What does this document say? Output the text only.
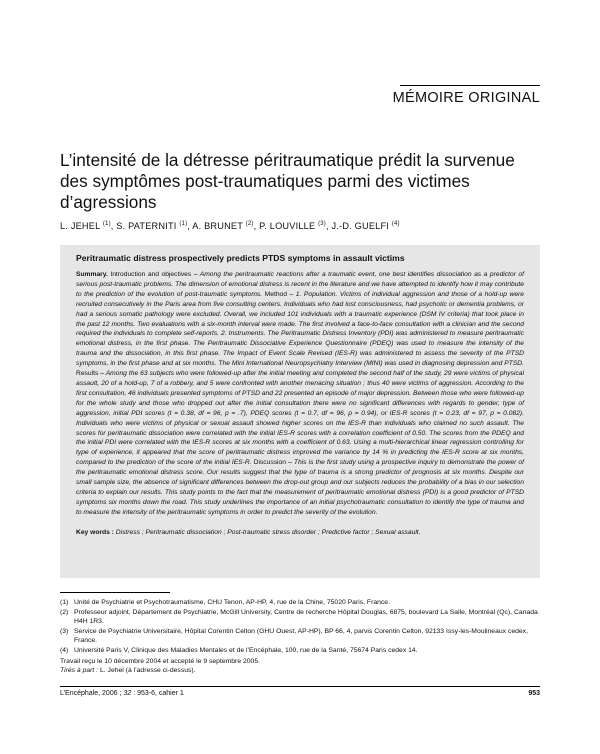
MÉMOIRE ORIGINAL
L’intensité de la détresse péritraumatique prédit la survenue des symptômes post-traumatiques parmi des victimes d’agressions
L. JEHEL $^{(1)}$, S. PATERNITI $^{(1)}$, A. BRUNET $^{(2)}$, P. LOUVILLE $^{(3)}$, J.-D. GUELFI $^{(4)}$
Peritraumatic distress prospectively predicts PTDS symptoms in assault victims

Summary. Introduction and objectives – Among the peritraumatic reactions after a traumatic event, one best identifies dissociation as a predictor of serious post-traumatic problems. The dimension of emotional distress is recent in the literature and we have attempted to identify how it may contribute to the prediction of the evolution of post-traumatic symptoms. Method – 1. Population. Victims of individual aggression and those of a hold-up were recruited consecutively in the Paris area from five consulting centers. Individuals who had lost consciousness, had psychotic or dementia problems, or had a serious somatic pathology were excluded. Overall, we included 101 individuals with a traumatic experience (DSM IV criteria) that took place in the past 12 months. Two evaluations with a six-month interval were made. The first involved a face-to-face consultation with a clinician and the second required the individuals to complete self-reports. 2. Instruments. The Peritraumatic Distress Inventory (PDI) was administered to measure peritraumatic emotional distress, in the first phase. The Peritraumatic Dissociative Experience Questionnaire (PDEQ) was used to measure the intensity of the trauma and the dissociation, in this first phase. The Impact of Event Scale Revised (IES-R) was administered to assess the severity of the PTSD symptoms, in the first phase and at six months. The Mini International Neuropsychiatry Interview (MINI) was used in diagnosing depression and PTSD. Results – Among the 63 subjects who were followed-up after the initial meeting and completed the second half of the study, 29 were victims of physical assault, 20 of a hold-up, 7 of a robbery, and 5 were confronted with another menacing situation ; thus 40 were victims of aggression. According to the first consultation, 46 individuals presented symptoms of PTSD and 22 presented an episode of major depression. Between those who were followed-up for the whole study and those who dropped out after the initial consultation there were no significant differences with regards to gender, type of aggression, initial PDI scores (t = 0.38, df = 96, p = .7), PDEQ scores (t = 0.7, df = 96, p = 0.94), or IES-R scores (t = 0.23, df = 97, p = 0.082). Individuals who were victims of physical or sexual assault showed higher scores on the IES-R than individuals who claimed no such assault. The scores for peritraumatic dissociation were correlated with the initial IES-R scores with a correlation coefficient of 0.50. The scores from the PDEQ and the initial PDI were correlated with the IES-R scores at six months with a coefficient of 0.63. Using a multi-hierarchical linear regression controlling for type of experience, it appeared that the score of peritraumatic distress improved the variance by 14 % in predicting the IES-R score at six months, compared to the prediction of the score of the initial IES-R. Discussion – This is the first study using a prospective inquiry to demonstrate the power of the peritraumatic emotional distress score. Our results suggest that the type of trauma is a strong predictor of prognosis at six months. Despite our small sample size, the absence of significant differences between the drop-out group and our subjects reduces the probability of a bias in our selection criteria to explain our results. This study points to the fact that the measurement of peritraumatic emotional distress (PDI) is a good predictor of PTSD symptoms six months down the road. This study underlines the importance of an initial psychotraumatic consultation to identify the type of trauma and to measure the intensity of the peritraumatic symptoms in order to predict the severity of the evolution.

Key words : Distress ; Peritraumatic dissociation ; Post-traumatic stress disorder ; Predictive factor ; Sexual assault.
(1) Unité de Psychiatrie et Psychotraumatisme, CHU Tenon, AP-HP, 4, rue de la Chine, 75020 Paris, France.
(2) Professeur adjoint, Département de Psychiatrie, McGill University, Centre de recherche Hôpital Douglas, 6875, boulevard La Salle, Montréal (Qc), Canada H4H 1R3.
(3) Service de Psychiatrie Universitaire, Hôpital Corentin Celton (GHU Ouest, AP-HP), BP 66, 4, parvis Corentin Celton, 92133 Issy-les-Moulineaux cedex, France.
(4) Université Paris V, Clinique des Maladies Mentales et de l’Encéphale, 100, rue de la Santé, 75674 Paris cedex 14.
Travail reçu le 10 décembre 2004 et accepté le 9 septembre 2005.
Tirés à part : L. Jehel (à l’adresse ci-dessus).
L’Encéphale, 2006 ; 32 : 953-6, cahier 1	953
